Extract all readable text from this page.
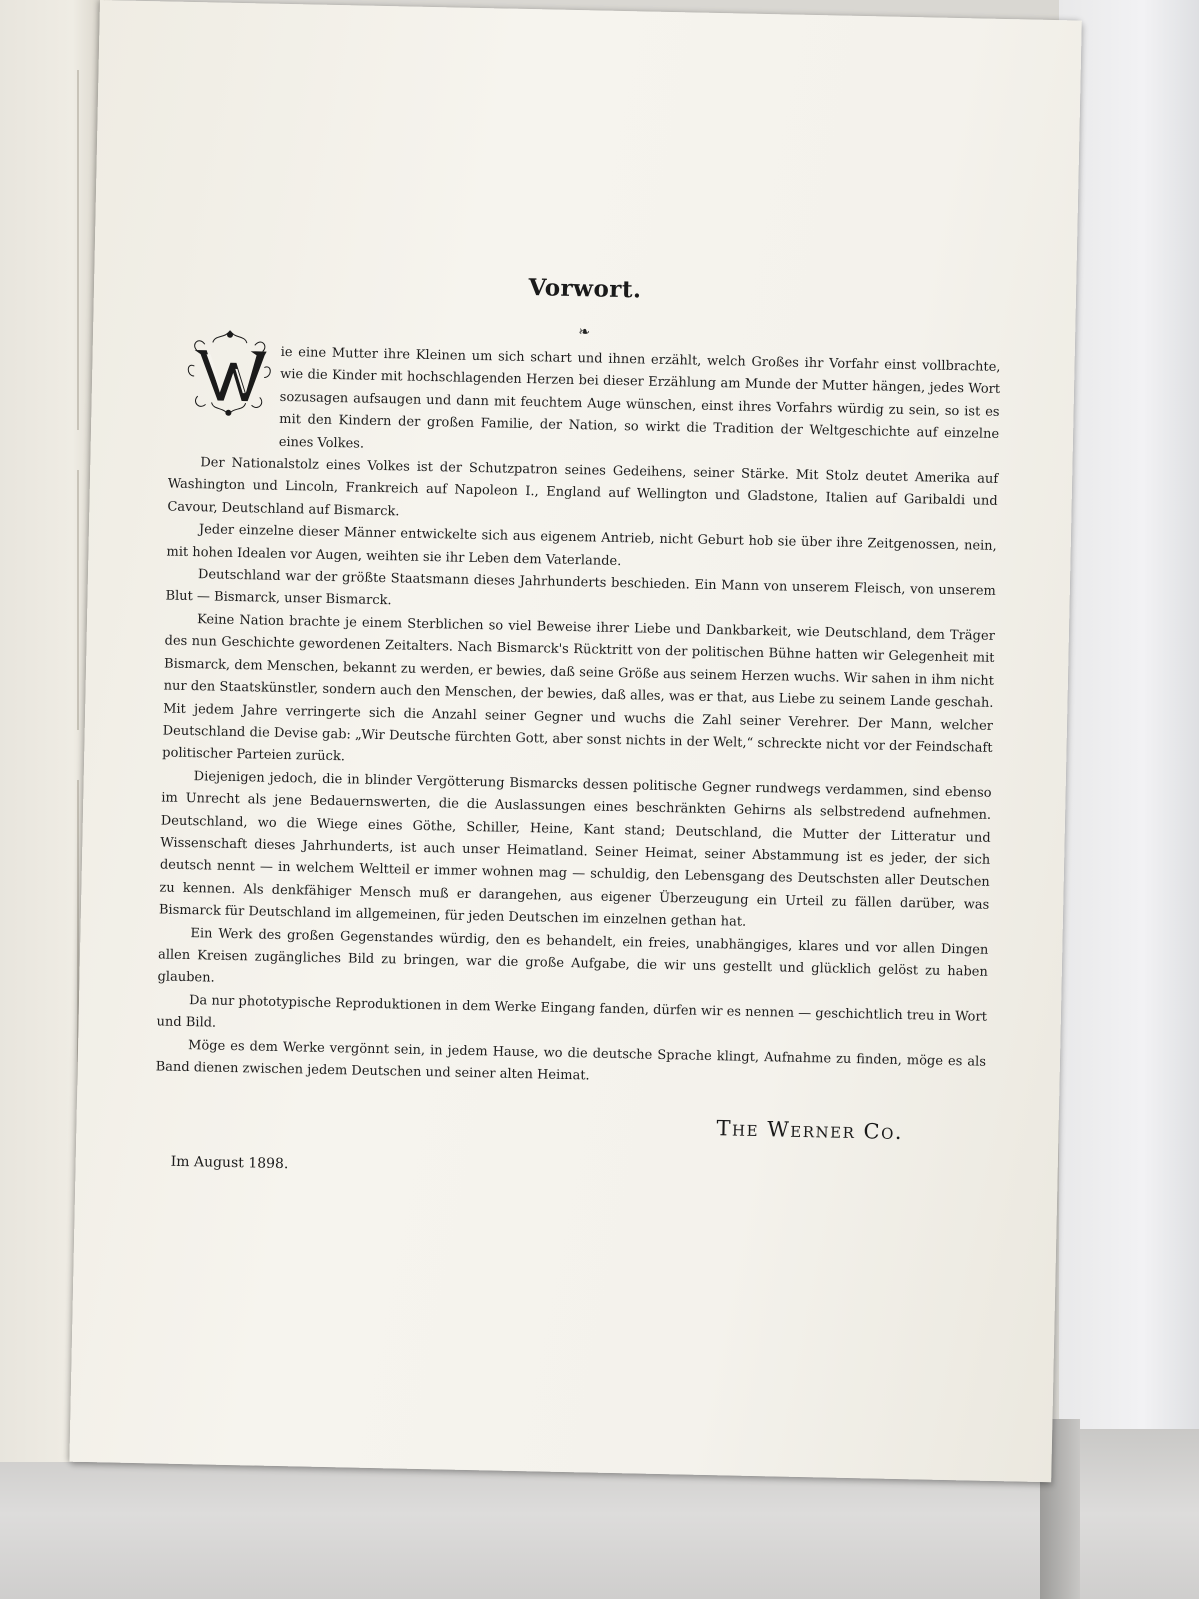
Vorwort.
❧

ie eine Mutter ihre Kleinen um sich schart und ihnen erzählt, welch Großes ihr Vorfahr einst vollbrachte, wie die Kinder mit hochschlagenden Herzen bei dieser Erzählung am Munde der Mutter hängen, jedes Wort sozusagen aufsaugen und dann mit feuchtem Auge wünschen, einst ihres Vorfahrs würdig zu sein, so ist es mit den Kindern der großen Familie, der Nation, so wirkt die Tradition der Weltgeschichte auf einzelne eines Volkes.

Der Nationalstolz eines Volkes ist der Schutzpatron seines Gedeihens, seiner Stärke. Mit Stolz deutet Amerika auf Washington und Lincoln, Frankreich auf Napoleon I., England auf Wellington und Gladstone, Italien auf Garibaldi und Cavour, Deutschland auf Bismarck.

Jeder einzelne dieser Männer entwickelte sich aus eigenem Antrieb, nicht Geburt hob sie über ihre Zeitgenossen, nein, mit hohen Idealen vor Augen, weihten sie ihr Leben dem Vaterlande.

Deutschland war der größte Staatsmann dieses Jahrhunderts beschieden. Ein Mann von unserem Fleisch, von unserem Blut — Bismarck, unser Bismarck.

Keine Nation brachte je einem Sterblichen so viel Beweise ihrer Liebe und Dankbarkeit, wie Deutschland, dem Träger des nun Geschichte gewordenen Zeitalters. Nach Bismarck's Rücktritt von der politischen Bühne hatten wir Gelegenheit mit Bismarck, dem Menschen, bekannt zu werden, er bewies, daß seine Größe aus seinem Herzen wuchs. Wir sahen in ihm nicht nur den Staatskünstler, sondern auch den Menschen, der bewies, daß alles, was er that, aus Liebe zu seinem Lande geschah. Mit jedem Jahre verringerte sich die Anzahl seiner Gegner und wuchs die Zahl seiner Verehrer. Der Mann, welcher Deutschland die Devise gab: „Wir Deutsche fürchten Gott, aber sonst nichts in der Welt,“ schreckte nicht vor der Feindschaft politischer Parteien zurück.

Diejenigen jedoch, die in blinder Vergötterung Bismarcks dessen politische Gegner rundwegs verdammen, sind ebenso im Unrecht als jene Bedauernswerten, die die Auslassungen eines beschränkten Gehirns als selbstredend aufnehmen. Deutschland, wo die Wiege eines Göthe, Schiller, Heine, Kant stand; Deutschland, die Mutter der Litteratur und Wissenschaft dieses Jahrhunderts, ist auch unser Heimatland. Seiner Heimat, seiner Abstammung ist es jeder, der sich deutsch nennt — in welchem Weltteil er immer wohnen mag — schuldig, den Lebensgang des Deutschsten aller Deutschen zu kennen. Als denkfähiger Mensch muß er darangehen, aus eigener Überzeugung ein Urteil zu fällen darüber, was Bismarck für Deutschland im allgemeinen, für jeden Deutschen im einzelnen gethan hat.

Ein Werk des großen Gegenstandes würdig, den es behandelt, ein freies, unabhängiges, klares und vor allen Dingen allen Kreisen zugängliches Bild zu bringen, war die große Aufgabe, die wir uns gestellt und glücklich gelöst zu haben glauben.

Da nur phototypische Reproduktionen in dem Werke Eingang fanden, dürfen wir es nennen — geschichtlich treu in Wort und Bild.

Möge es dem Werke vergönnt sein, in jedem Hause, wo die deutsche Sprache klingt, Aufnahme zu finden, möge es als Band dienen zwischen jedem Deutschen und seiner alten Heimat.

The Werner Co.
Im August 1898.
